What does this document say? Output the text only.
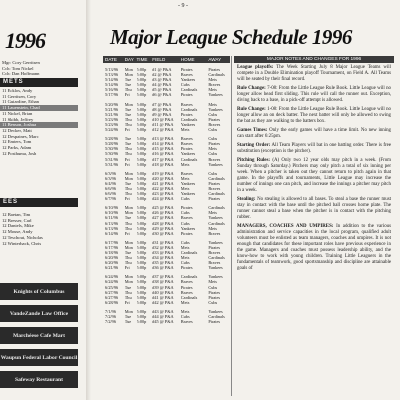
- 9 -
1996
Mgr: Cory Gerritsen
Cch: Tom Nickel
Cch: Dan Hoffmann
METS
11 Ecklos, Andy
11 Gerritsen, Cory
11 Guiardine, Ethan
11 Lauenstein, Chad
11 Nickel, Brian
11 Skibb, Jeffrey
11 Benson, Joshua
12 Decker, Matt
12 Despaines, Marc
12 Emters, Tom
12 Parks, Adam
12 Posthuma, Josh
EES
12 Baetan, Tim
12 Bresser, Carl
12 Daniels, Mike
12 Mouse, Andy
12 Teschout, Nicholas
12 Winterhack, Chris
Knights of Columbus
VandeZande Law Office
Marchéese Cafe Mart
Waupun Federal Labor Council
Safeway Restaurant
Major League Schedule 1996
DATE	DAY TIME	FIELD	HOME	AWAY
5/13/96	Mon 5:00p	#1 @ P&A	Pirates	Pirates
5/13/96	Mon 5:00p	#2 @ P&A	Braves	Cardinals
5/14/96	Tue	5:00p	#3 @ P&A	Yankees	Mets
5/14/96	Tue	5:00p	#4 @ P&A	Cubs	Braves
5/16/96	Thu	5:00p	#5 @ P&A	Cardinals	Mets
5/17/96	Fri	5:00p	#6 @ P&A	Pirates	Yankees
5/20/96	Mon 5:00p	#7 @ P&A	Braves	Mets
5/21/96	Tue	5:00p	#8 @ P&A	Cardinals	Yankees
5/21/96	Tue	5:00p	#9 @ P&A	Pirates	Cubs
5/23/96	Thu	5:00p	#10 @ P&A	Cardinals	Pirates
5/23/96	Thu	5:00p	#11 @ P&A	Yankees	Braves
5/24/96	Fri	5:00p	#12 @ P&A	Mets	Cubs
5/28/96	Tue	5:00p	#13 @ P&A	Braves	Cubs
5/28/96	Tue	5:00p	#14 @ P&A	Braves	Pirates
5/30/96	Thu	5:00p	#15 @ P&A	Pirates	Mets
5/30/96	Thu	5:00p	#16 @ P&A	Yankees	Cubs
5/31/96	Fri	5:00p	#17 @ P&A	Cardinals	Braves
5/31/96	Fri	5:00p	#18 @ P&A	Mets	Yankees
6/3/96	Mon 5:00p	#19 @ P&A	Braves	Cubs
6/3/96	Mon 5:00p	#20 @ P&A	Mets	Cardinals
6/4/96	Tue	5:00p	#21 @ P&A	Yankees	Pirates
6/6/96	Thu	5:00p	#22 @ P&A	Mets	Braves
6/6/96	Thu	5:00p	#23 @ P&A	Yankees	Cardinals
6/7/96	Fri	5:00p	#24 @ P&A	Cubs	Pirates
6/10/96	Mon 5:00p	#25 @ P&A	Pirates	Cardinals
6/10/96	Mon 5:00p	#26 @ P&A	Cubs	Mets
6/11/96	Tue	5:00p	#27 @ P&A	Braves	Yankees
6/13/96	Thu	5:00p	#28 @ P&A	Cubs	Cardinals
6/13/96	Thu	5:00p	#29 @ P&A	Yankees	Mets
6/14/96	Fri	5:00p	#30 @ P&A	Pirates	Braves
6/17/96	Mon 5:00p	#31 @ P&A	Cubs	Yankees
6/17/96	Mon 5:00p	#32 @ P&A	Mets	Pirates
6/18/96	Tue	5:00p	#33 @ P&A	Cardinals	Braves
6/20/96	Thu	5:00p	#34 @ P&A	Mets	Cardinals
6/20/96	Thu	5:00p	#35 @ P&A	Cubs	Braves
6/21/96	Fri	5:00p	#36 @ P&A	Pirates	Yankees
6/24/96	Mon 5:00p	#37 @ P&A	Cardinals	Yankees
6/24/96	Mon 5:00p	#38 @ P&A	Braves	Mets
6/25/96	Tue	5:00p	#39 @ P&A	Pirates	Cubs
6/27/96	Thu	5:00p	#40 @ P&A	Braves	Pirates
6/27/96	Thu	5:00p	#41 @ P&A	Cardinals	Pirates
6/28/96	Fri	5:00p	#42 @ P&A	Mets	Cubs
7/1/96	Mon 5:00p	#43 @ P&A	Mets	Yankees
7/2/96	Tue	5:00p	#44 @ P&A	Cubs	Cardinals
7/2/96	Tue	5:00p	#45 @ P&A	Braves	Pirates
MAJOR NOTES AND CHANGES FOR 1996

League playoffs: The Week Starting July 8 Major League Teams will compete in a Double Elimination playoff Tournament, on Field A. All Teams will be seated by their final record.

Rule Change: 7-08: From the Little League Rule Book. Little League will no longer allow head first sliding. This rule will call the runner out. Exception, diving back to a base, in a pick-off attempt is allowed.

Rule Change: 1-08: From the Little League Rule Book. Little League will no longer allow an on deck batter. The next batter will only be allowed to swing the bat as they are walking to the batters box.

Games Times: Only the early games will have a time limit. No new inning can start after 6:25pm.

Starting Order: All Team Players will bat in one batting order. There is free substitution (exception is the pitcher).

Pitching Rules: (A) Only two 12 year olds may pitch in a week. (From Sunday through Saturday.) Pitchers may only pitch a total of six inning per week. When a pitcher is taken out they cannot return to pitch again in that game. In the playoffs and tournaments, Little League may increase the number of innings one can pitch, and increase the innings a pitcher may pitch in a week.

Stealing: No stealing is allowed to all bases. To steal a base the runner must stay in contact with the base until the pitched ball crosses home plate. The runner cannot steal a base when the pitcher is in contact with the pitching rubber.

MANAGERS, COACHES AND UMPIRES: In addition to the various administration and service capacities in the local program, qualified adult volunteers must be enlisted as team managers, coaches and umpires. It is not enough that candidates for these important roles have previous experience in the game. Managers and coaches must possess leadership ability, and the know-how to work with young children. Training Little Leaguers in the fundamentals of teamwork, good sportsmanship and discipline are attainable goals of
